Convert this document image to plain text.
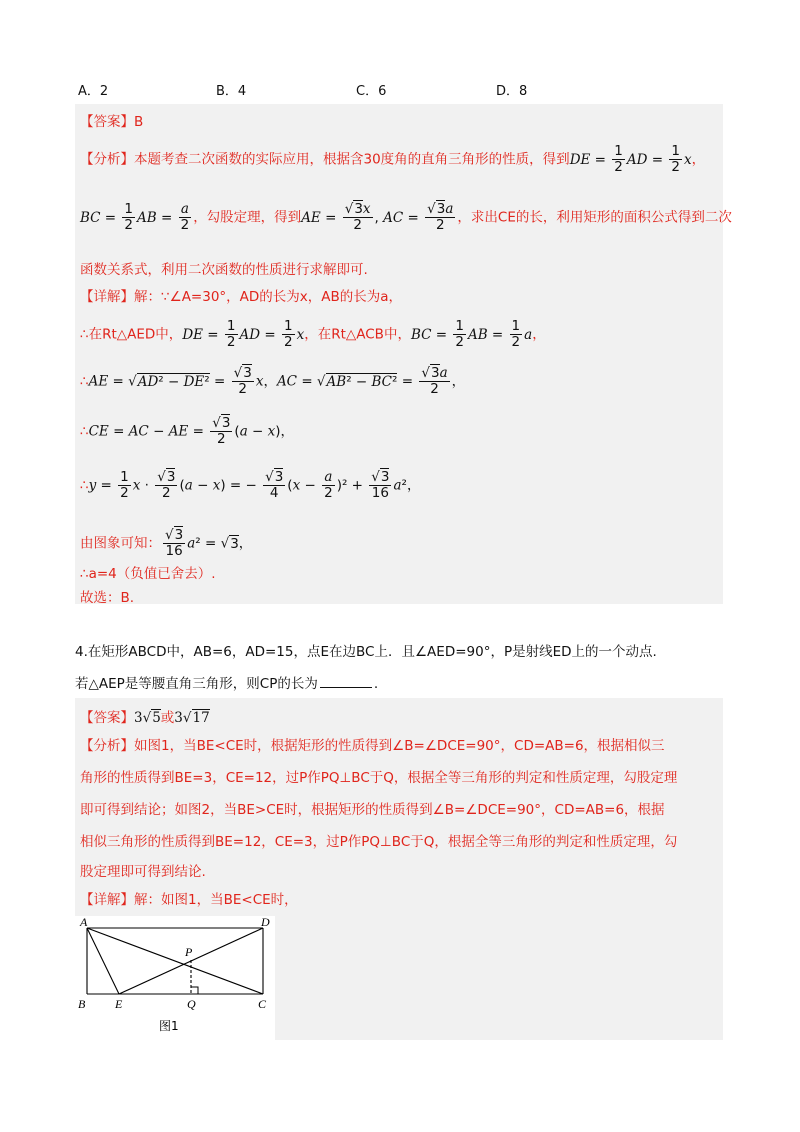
A．2	B．4	C．6	D．8
【答案】B
【分析】本题考查二次函数的实际应用，根据含30度角的直角三角形的性质，得到DE = $\frac{1}{2}$ AD = $\frac{1}{2}$ x，
BC = $\frac{1}{2}$ AB = $\frac{a}{2}$ ，勾股定理，得到AE = $\frac{√3x}{2}$ , AC = $\frac{√3a}{2}$ ，求出CE的长，利用矩形的面积公式得到二次
函数关系式，利用二次函数的性质进行求解即可.
【详解】解：∵∠A=30°，AD的长为x，AB的长为a，
∴在Rt△AED中，DE = $\frac{1}{2}$ AD = $\frac{1}{2}$ x，在Rt△ACB中，BC = $\frac{1}{2}$ AB = $\frac{1}{2}$ a，
∴AE = $√AD^2 - DE^2 = \frac{√3}{2}$ x，AC = $√AB^2 - BC^2 = \frac{√3a}{2}$ ，
∴CE = AC − AE = $\frac{√3}{2} (a - x)$，
∴y = $\frac{1}{2}$ $x \cdot \frac{√3}{2} (a - x)$ = − $\frac{√3}{4} (x - \frac{a}{2} )^2 + \frac{√3}{16} a^2$，
由图象可知： $\frac{√3}{16} a^2 = √3$，
∴a=4（负值已舍去）.
故选：B.
4.在矩形ABCD中，AB=6，AD=15，点E在边BC上．且∠AED=90°，P是射线ED上的一个动点.
若△AEP是等腰直角三角形，则CP的长为	.
【答案】3√5或3√17
【分析】如图1，当BE<CE时，根据矩形的性质得到∠B=∠DCE=90°，CD=AB=6，根据相似三
角形的性质得到BE=3，CE=12，过P作PQ⊥BC于Q，根据全等三角形的判定和性质定理，勾股定理
即可得到结论；如图2，当BE>CE时，根据矩形的性质得到∠B=∠DCE=90°，CD=AB=6，根据
相似三角形的性质得到BE=12，CE=3，过P作PQ⊥BC于Q，根据全等三角形的判定和性质定理，勾
股定理即可得到结论.
【详解】解：如图1，当BE<CE时，
A	D
B E	Q	C
P
图1
